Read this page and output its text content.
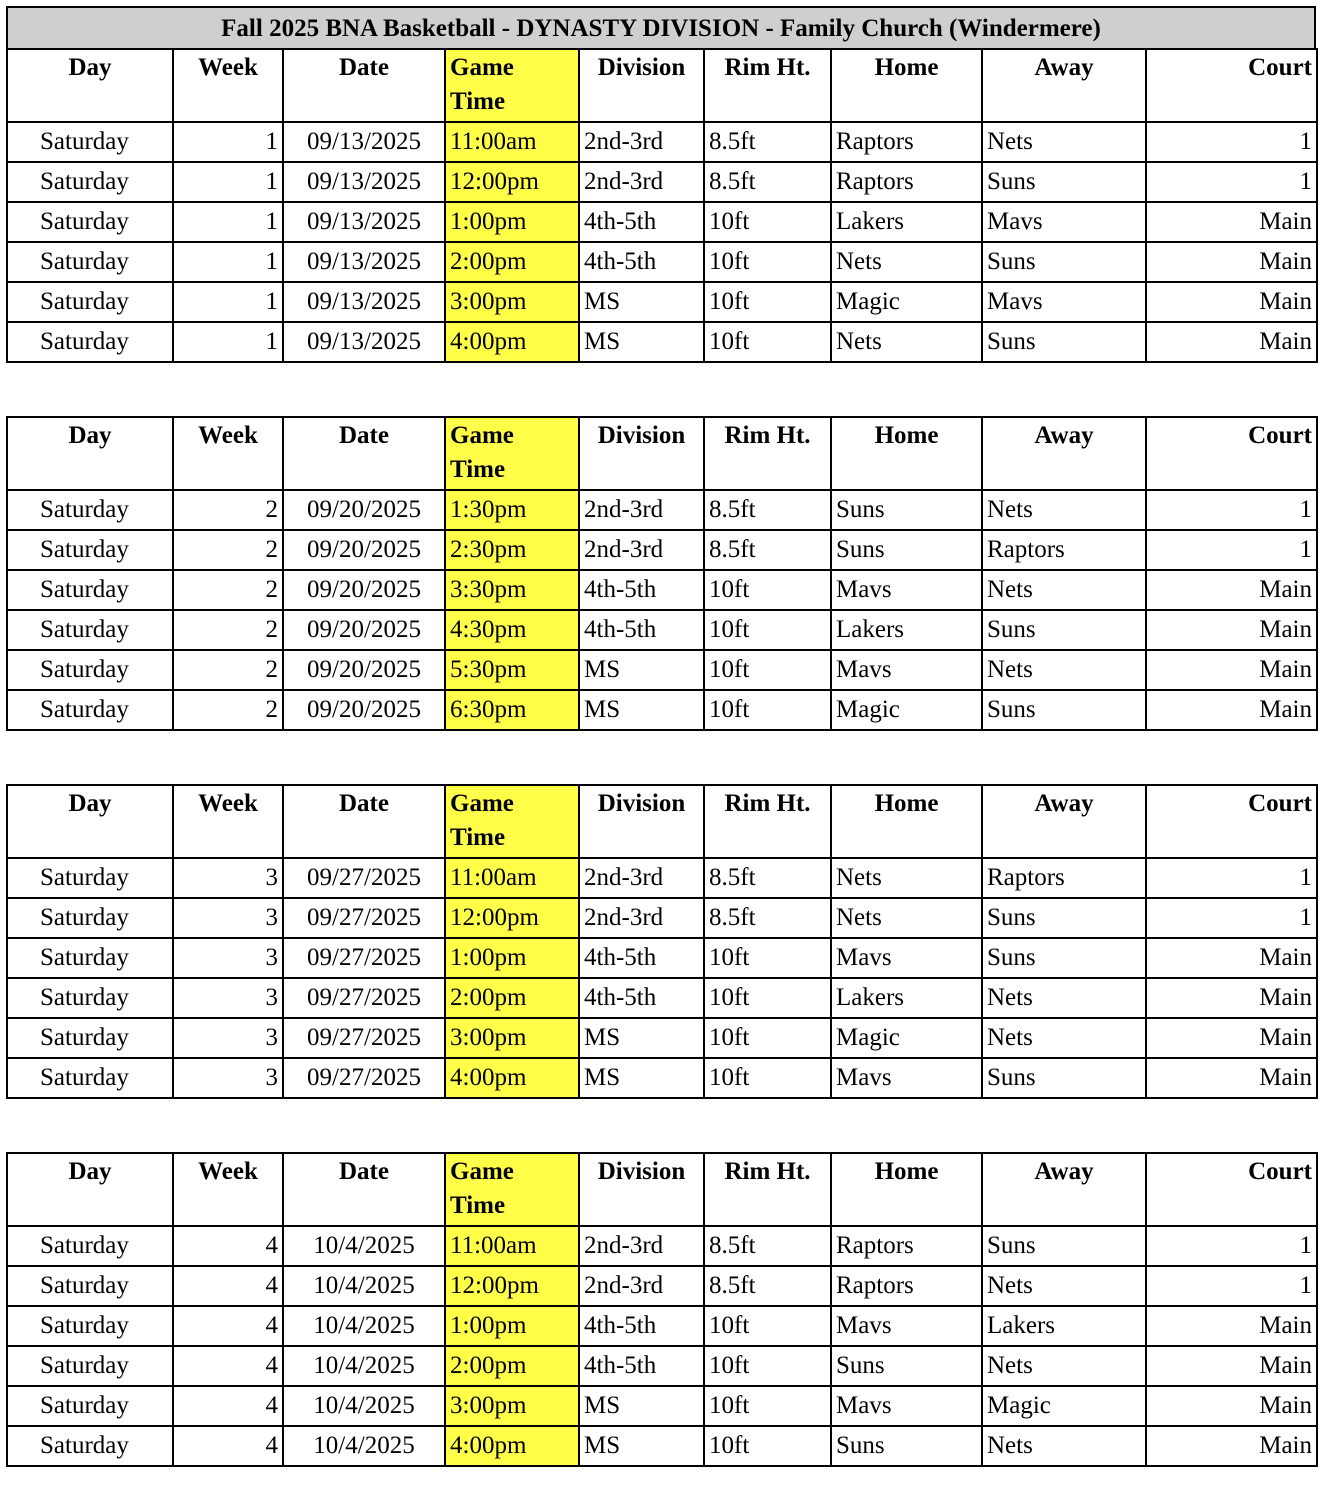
Fall 2025 BNA Basketball - DYNASTY DIVISION - Family Church (Windermere)
Day	Week	Date	Game
Time	Division	Rim Ht.	Home	Away	Court
Saturday	1	09/13/2025	11:00am	2nd-3rd	8.5ft	Raptors	Nets	1
Saturday	1	09/13/2025	12:00pm	2nd-3rd	8.5ft	Raptors	Suns	1
Saturday	1	09/13/2025	1:00pm	4th-5th	10ft	Lakers	Mavs	Main
Saturday	1	09/13/2025	2:00pm	4th-5th	10ft	Nets	Suns	Main
Saturday	1	09/13/2025	3:00pm	MS	10ft	Magic	Mavs	Main
Saturday	1	09/13/2025	4:00pm	MS	10ft	Nets	Suns	Main
Day	Week	Date	Game
Time	Division	Rim Ht.	Home	Away	Court
Saturday	2	09/20/2025	1:30pm	2nd-3rd	8.5ft	Suns	Nets	1
Saturday	2	09/20/2025	2:30pm	2nd-3rd	8.5ft	Suns	Raptors	1
Saturday	2	09/20/2025	3:30pm	4th-5th	10ft	Mavs	Nets	Main
Saturday	2	09/20/2025	4:30pm	4th-5th	10ft	Lakers	Suns	Main
Saturday	2	09/20/2025	5:30pm	MS	10ft	Mavs	Nets	Main
Saturday	2	09/20/2025	6:30pm	MS	10ft	Magic	Suns	Main
Day	Week	Date	Game
Time	Division	Rim Ht.	Home	Away	Court
Saturday	3	09/27/2025	11:00am	2nd-3rd	8.5ft	Nets	Raptors	1
Saturday	3	09/27/2025	12:00pm	2nd-3rd	8.5ft	Nets	Suns	1
Saturday	3	09/27/2025	1:00pm	4th-5th	10ft	Mavs	Suns	Main
Saturday	3	09/27/2025	2:00pm	4th-5th	10ft	Lakers	Nets	Main
Saturday	3	09/27/2025	3:00pm	MS	10ft	Magic	Nets	Main
Saturday	3	09/27/2025	4:00pm	MS	10ft	Mavs	Suns	Main
Day	Week	Date	Game
Time	Division	Rim Ht.	Home	Away	Court
Saturday	4	10/4/2025	11:00am	2nd-3rd	8.5ft	Raptors	Suns	1
Saturday	4	10/4/2025	12:00pm	2nd-3rd	8.5ft	Raptors	Nets	1
Saturday	4	10/4/2025	1:00pm	4th-5th	10ft	Mavs	Lakers	Main
Saturday	4	10/4/2025	2:00pm	4th-5th	10ft	Suns	Nets	Main
Saturday	4	10/4/2025	3:00pm	MS	10ft	Mavs	Magic	Main
Saturday	4	10/4/2025	4:00pm	MS	10ft	Suns	Nets	Main
